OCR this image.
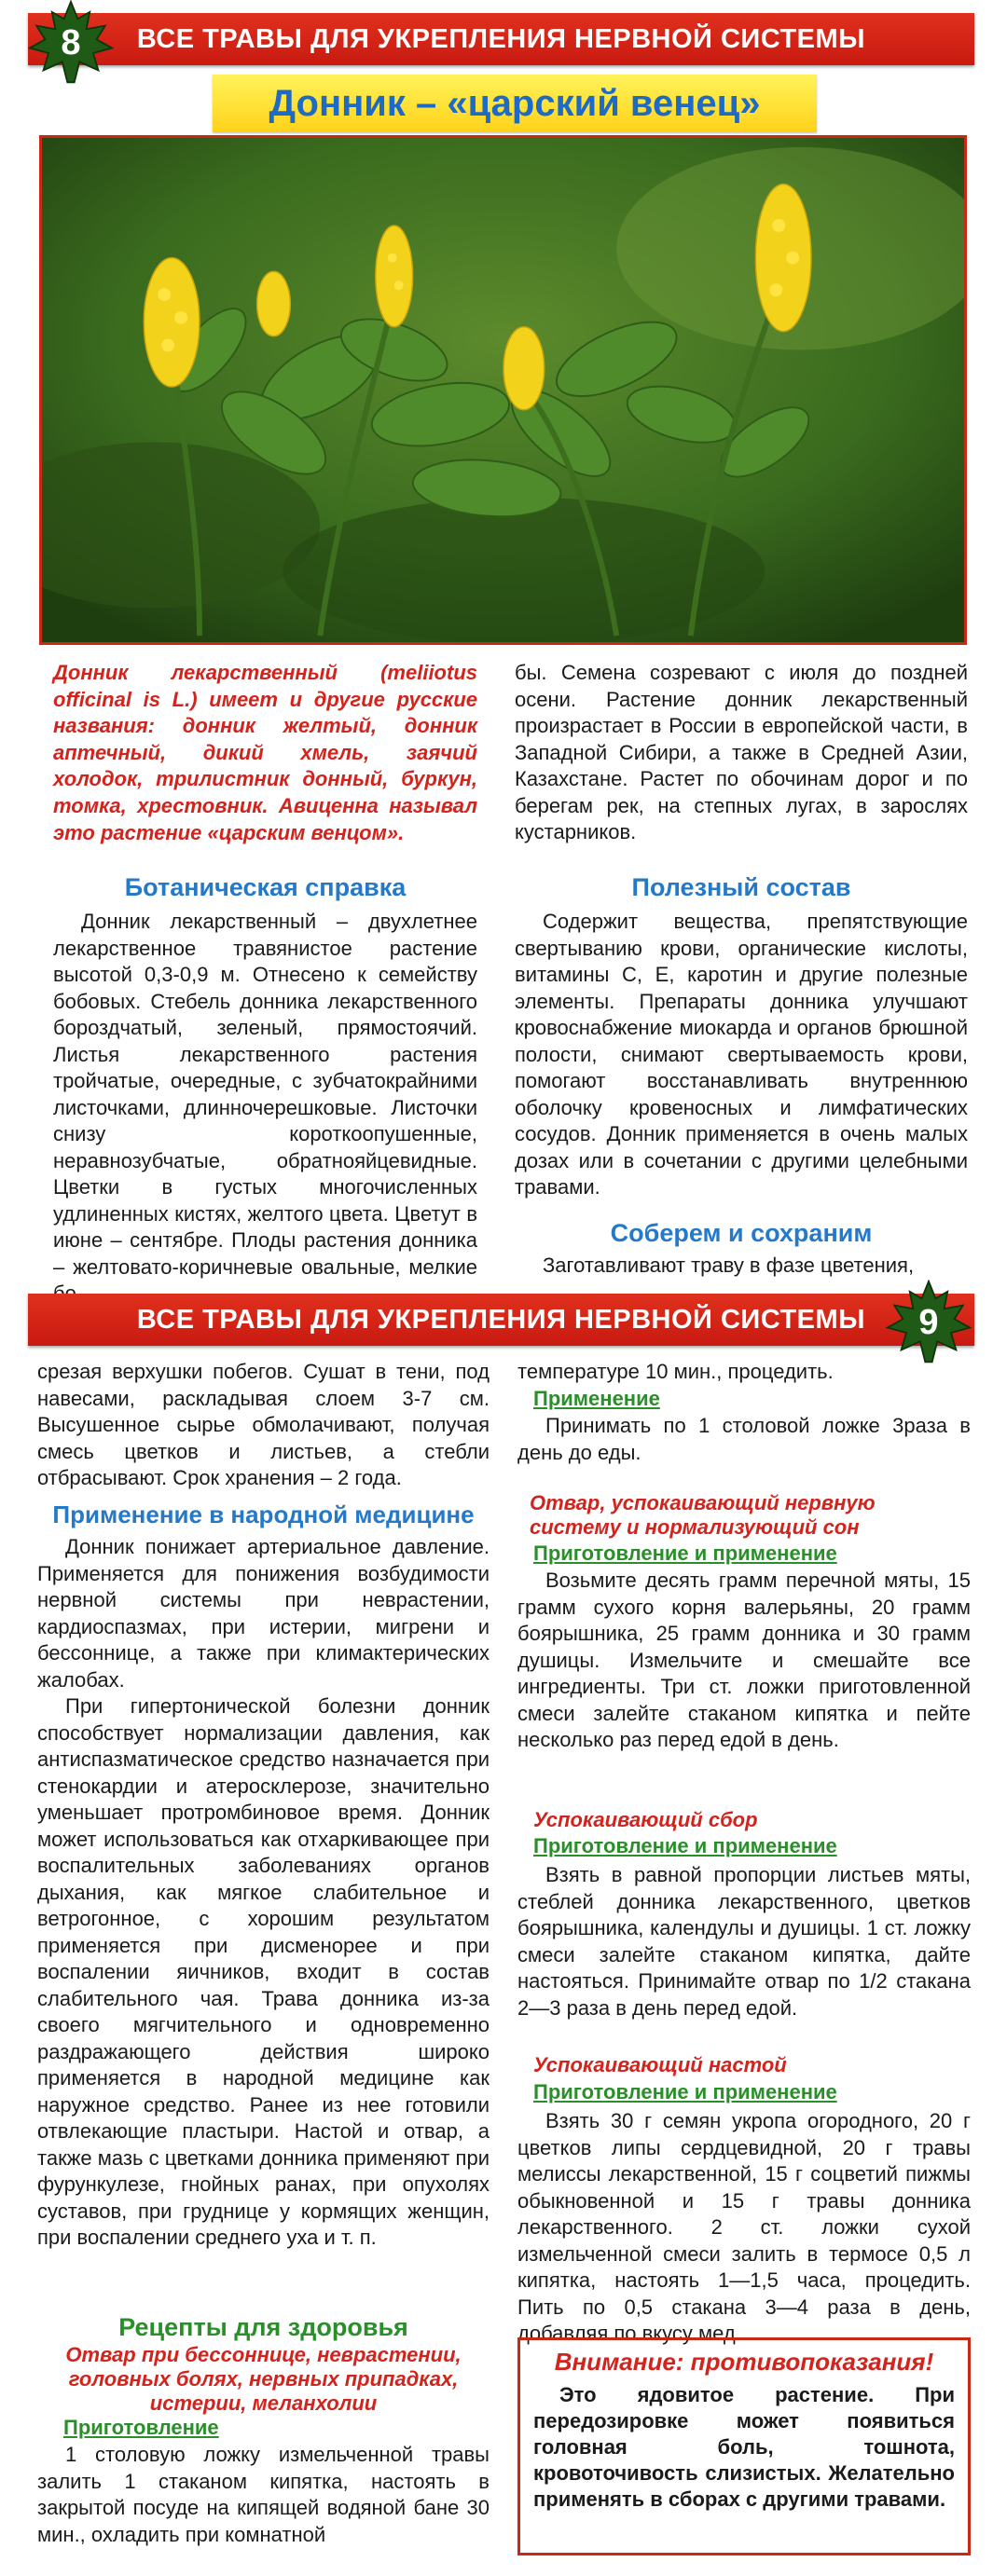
ВСЕ ТРАВЫ ДЛЯ УКРЕПЛЕНИЯ НЕРВНОЙ СИСТЕМЫ
8
Донник – «царский венец»
Донник лекарственный (meliiotus officinal is L.) имеет и другие русские названия: донник желтый, донник аптечный, дикий хмель, заячий холодок, трилистник донный, буркун, томка, хрестовник. Авиценна называл это растение «царским венцом».

бы. Семена созревают с июля до поздней осени. Растение донник лекарственный произрастает в России в европейской части, в Западной Сибири, а также в Средней Азии, Казахстане. Растет по обочинам дорог и по берегам рек, на степных лугах, в зарослях кустарников.

Ботаническая справка

Донник лекарственный – двухлетнее лекарственное травянистое растение высотой 0,3-0,9 м. Отнесено к семейству бобовых. Стебель донника лекарственного бороздчатый, зеленый, прямостоячий. Листья лекарственного растения тройчатые, очередные, с зубчатокрайними листочками, длинночерешковые. Листочки снизу короткоопушенные, неравнозубчатые, обратнояйцевидные. Цветки в густых многочисленных удлиненных кистях, желтого цвета. Цветут в июне – сентябре. Плоды растения донника – желтовато-коричневые овальные, мелкие

Полезный состав

Содержит вещества, препятствующие свертыванию крови, органические кислоты, витамины С, Е, каротин и другие полезные элементы. Препараты донника улучшают кровоснабжение миокарда и органов брюшной полости, снимают свертываемость крови, помогают восстанавливать внутреннюю оболочку кровеносных и лимфатических сосудов. Донник применяется в очень малых дозах или в сочетании с другими целебными травами.

Соберем и сохраним

Заготавливают траву в фазе цветения,

ВСЕ ТРАВЫ ДЛЯ УКРЕПЛЕНИЯ НЕРВНОЙ СИСТЕМЫ	9

срезая верхушки побегов. Сушат в тени, под навесами, раскладывая слоем 3-7 см. Высушенное сырье обмолачивают, получая смесь цветков и листьев, а стебли отбрасывают. Срок хранения – 2 года.

Применение в народной медицине

Донник понижает артериальное давление. Применяется для понижения возбудимости нервной системы при неврастении, кардиоспазмах, при истерии, мигрени и бессоннице, а также при климактерических жалобах.

При гипертонической болезни донник способствует нормализации давления, как антиспазматическое средство назначается при стенокардии и атеросклерозе, значительно уменьшает протромбиновое время. Донник может использоваться как отхаркивающее при воспалительных заболеваниях органов дыхания, как мягкое слабительное и ветрогонное, с хорошим результатом применяется при дисменорее и при воспалении яичников, входит в состав слабительного чая. Трава донника из-за своего мягчительного и одновременно раздражающего действия широко применяется в народной медицине как наружное средство. Ранее из нее готовили отвлекающие пластыри. Настой и отвар, а также мазь с цветками донника применяют при фурункулезе, гнойных ранах, при опухолях суставов, при груднице у кормящих женщин, при воспалении среднего уха и т. п.

Рецепты для здоровья
Отвар при бессоннице, неврастении, головных болях, нервных припадках, истерии, меланхолии
Приготовление

1 столовую ложку измельченной травы залить 1 стаканом кипятка, настоять в закрытой посуде на кипящей водяной бане 30 мин., охладить при комнатной

температуре 10 мин., процедить.

Применение

Принимать по 1 столовой ложке 3раза в день до еды.

Отвар, успокаивающий нервную систему и нормализующий сон
Приготовление и применение

Возьмите десять грамм перечной мяты, 15 грамм сухого корня валерьяны, 20 грамм боярышника, 25 грамм донника и 30 грамм душицы. Измельчите и смешайте все ингредиенты. Три ст. ложки приготовленной смеси залейте стаканом кипятка и пейте несколько раз перед едой в день.

Успокаивающий сбор
Приготовление и применение

Взять в равной пропорции листьев мяты, стеблей донника лекарственного, цветков боярышника, календулы и душицы. 1 ст. ложку смеси залейте стаканом кипятка, дайте настояться. Принимайте отвар по 1/2 стакана 2—3 раза в день перед едой.

Успокаивающий настой
Приготовление и применение

Взять 30 г семян укропа огородного, 20 г цветков липы сердцевидной, 20 г травы мелиссы лекарственной, 15 г соцветий пижмы обыкновенной и 15 г травы донника лекарственного. 2 ст. ложки сухой измельченной смеси залить в термосе 0,5 л кипятка, настоять 1—1,5 часа, процедить. Пить по 0,5 стакана 3—4 раза в день, добавляя по вкусу мед.

Внимание: противопоказания!
Это ядовитое растение. При передозировке может появиться головная боль, тошнота, кровоточивость слизистых. Желательно применять в сборах с другими травами.
